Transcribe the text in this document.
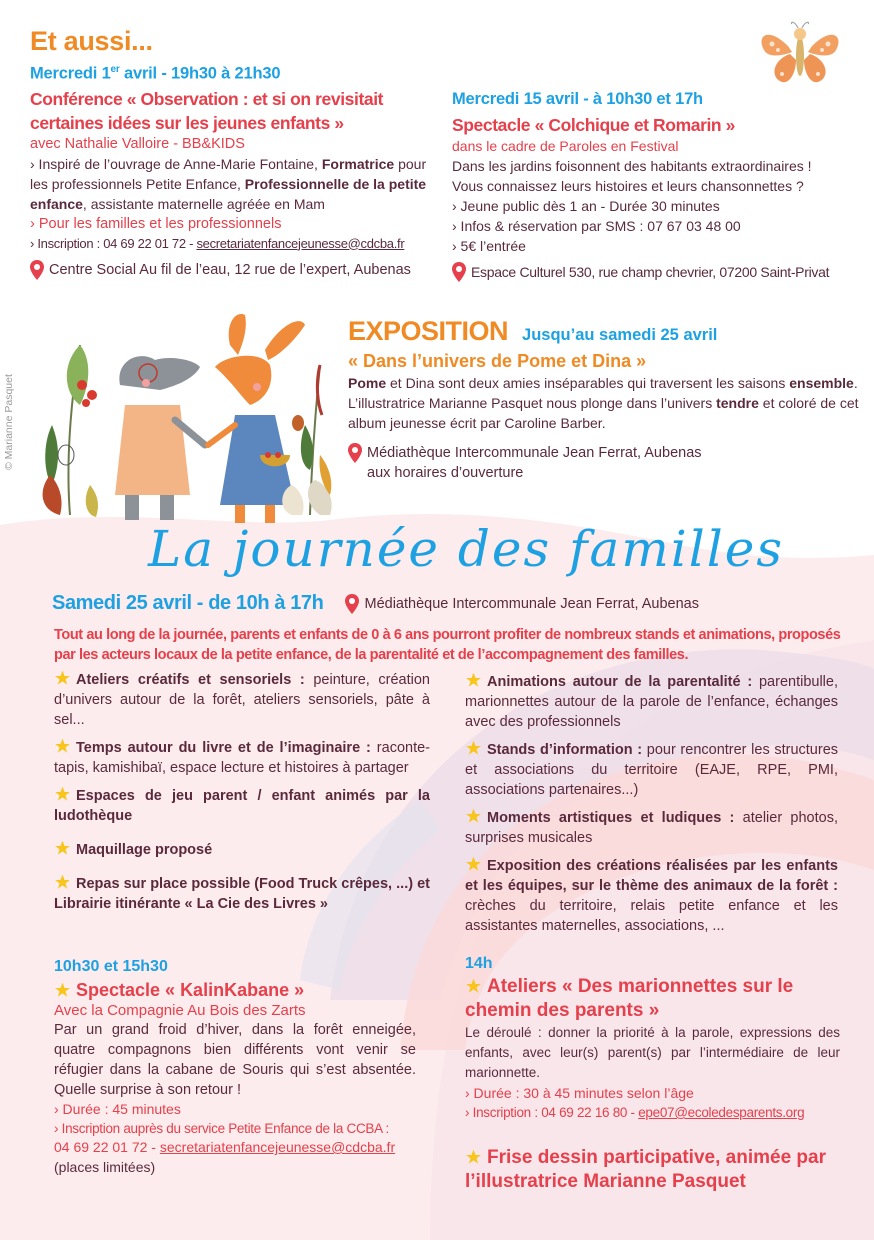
Et aussi...
Mercredi 1er avril - 19h30 à 21h30
Conférence « Observation : et si on revisitait
certaines idées sur les jeunes enfants »
avec Nathalie Valloire - BB&KIDS
› Inspiré de l’ouvrage de Anne-Marie Fontaine, Formatrice pour les professionnels Petite Enfance, Professionnelle de la petite enfance, assistante maternelle agréée en Mam
› Pour les familles et les professionnels
› Inscription : 04 69 22 01 72 - secretariatenfancejeunesse@cdcba.fr
Centre Social Au fil de l’eau, 12 rue de l’expert, Aubenas
Mercredi 15 avril - à 10h30 et 17h
Spectacle « Colchique et Romarin »
dans le cadre de Paroles en Festival
Dans les jardins foisonnent des habitants extraordinaires !
Vous connaissez leurs histoires et leurs chansonnettes ?
› Jeune public dès 1 an - Durée 30 minutes
› Infos & réservation par SMS : 07 67 03 48 00
› 5€ l’entrée
Espace Culturel 530, rue champ chevrier, 07200 Saint-Privat
© Marianne Pasquet
EXPOSITION Jusqu’au samedi 25 avril
« Dans l’univers de Pome et Dina »
Pome et Dina sont deux amies inséparables qui traversent les saisons ensemble. L’illustratrice Marianne Pasquet nous plonge dans l’univers tendre et coloré de cet album jeunesse écrit par Caroline Barber.
Médiathèque Intercommunale Jean Ferrat, Aubenas
aux horaires d’ouverture
La journée des familles
Samedi 25 avril - de 10h à 17h	Médiathèque Intercommunale Jean Ferrat, Aubenas
Tout au long de la journée, parents et enfants de 0 à 6 ans pourront profiter de nombreux stands et animations, proposés par les acteurs locaux de la petite enfance, de la parentalité et de l’accompagnement des familles.
Ateliers créatifs et sensoriels : peinture, création d’univers autour de la forêt, ateliers sensoriels, pâte à sel...
Temps autour du livre et de l’imaginaire : raconte-tapis, kamishibaï, espace lecture et histoires à partager
Espaces de jeu parent / enfant animés par la ludothèque
Maquillage proposé
Repas sur place possible (Food Truck crêpes, ...) et Librairie itinérante « La Cie des Livres »
Animations autour de la parentalité : parentibulle, marionnettes autour de la parole de l’enfance, échanges avec des professionnels
Stands d’information : pour rencontrer les structures et associations du territoire (EAJE, RPE, PMI, associations partenaires...)
Moments artistiques et ludiques : atelier photos, surprises musicales
Exposition des créations réalisées par les enfants et les équipes, sur le thème des animaux de la forêt : crèches du territoire, relais petite enfance et les assistantes maternelles, associations, ...
10h30 et 15h30
Spectacle « KalinKabane »
Avec la Compagnie Au Bois des Zarts
Par un grand froid d’hiver, dans la forêt enneigée, quatre compagnons bien différents vont venir se réfugier dans la cabane de Souris qui s’est absentée. Quelle surprise à son retour !
› Durée : 45 minutes
› Inscription auprès du service Petite Enfance de la CCBA :
04 69 22 01 72 - secretariatenfancejeunesse@cdcba.fr
(places limitées)
14h
Ateliers « Des marionnettes sur le chemin des parents »
Le déroulé : donner la priorité à la parole, expressions des enfants, avec leur(s) parent(s) par l’intermédiaire de leur marionnette.
› Durée : 30 à 45 minutes selon l’âge
› Inscription : 04 69 22 16 80 - epe07@ecoledesparents.org
Frise dessin participative, animée par l’illustratrice Marianne Pasquet
